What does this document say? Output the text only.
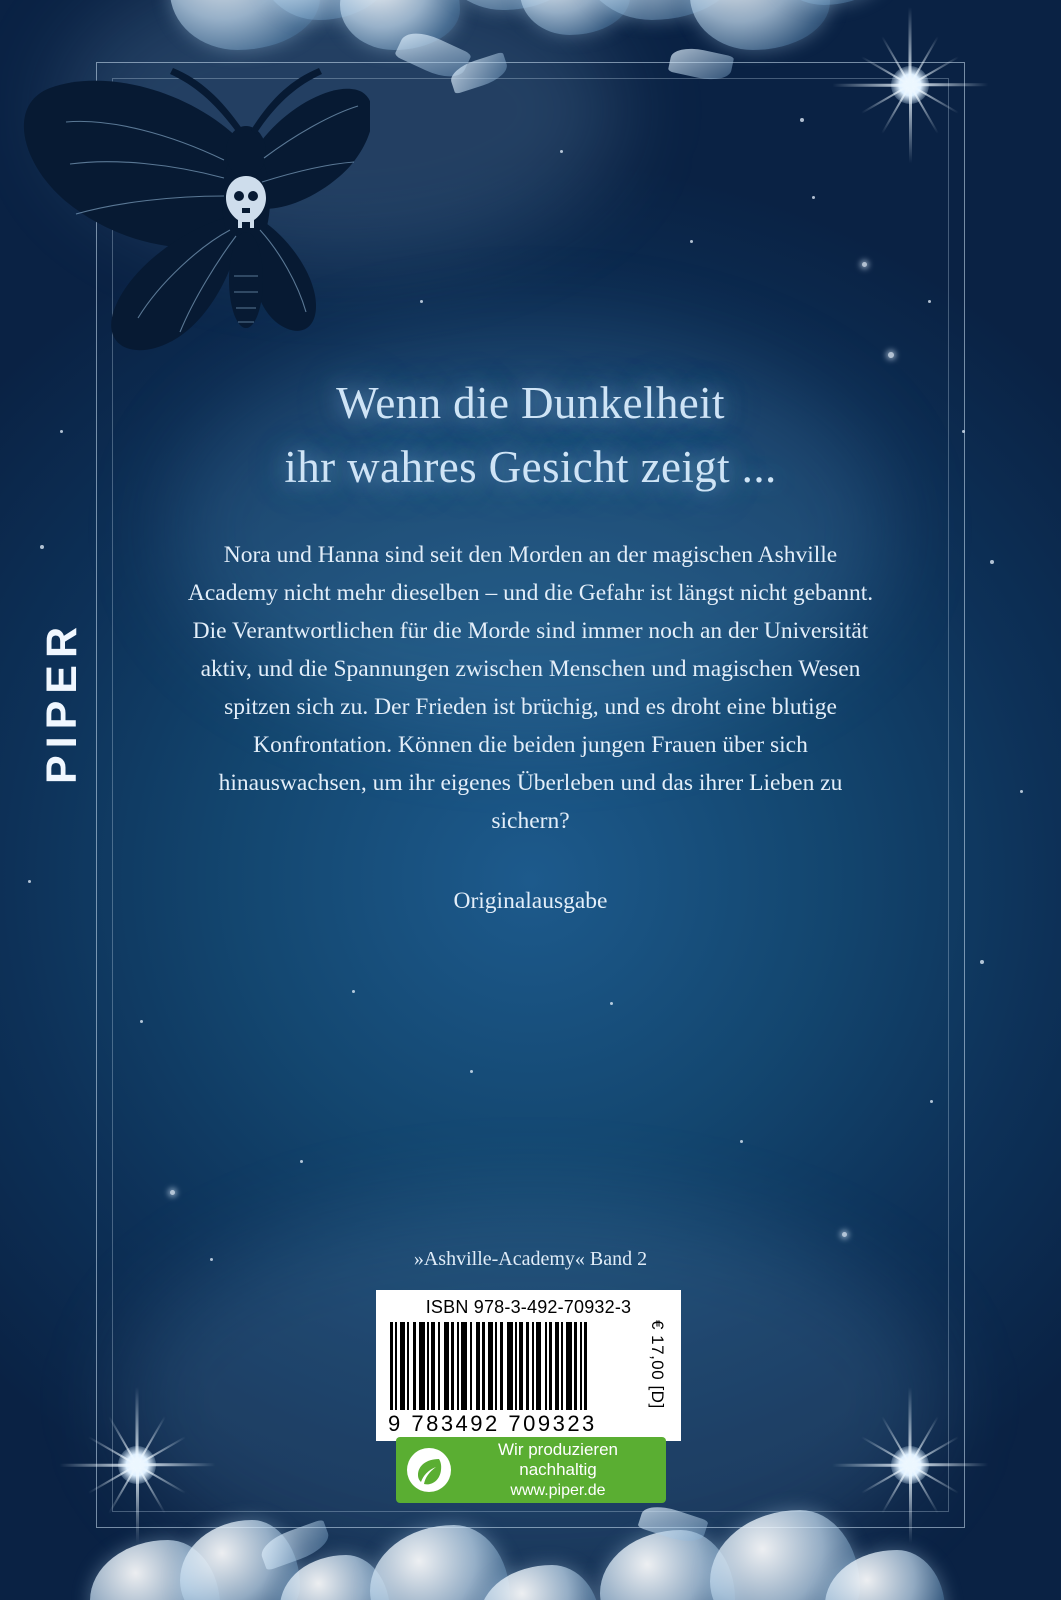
PIPER
Wenn die Dunkelheit
ihr wahres Gesicht zeigt ...
Nora und Hanna sind seit den Morden an der magischen Ashville Academy nicht mehr dieselben – und die Gefahr ist längst nicht gebannt. Die Verantwortlichen für die Morde sind immer noch an der Universität aktiv, und die Spannungen zwischen Menschen und magischen Wesen spitzen sich zu. Der Frieden ist brüchig, und es droht eine blutige Konfrontation. Können die beiden jungen Frauen über sich hinauswachsen, um ihr eigenes Überleben und das ihrer Lieben zu sichern?
Originalausgabe
»Ashville-Academy« Band 2
ISBN 978-3-492-70932-3
€ 17,00 [D]
9 783492 709323
Wir produzieren
nachhaltig
www.piper.de
